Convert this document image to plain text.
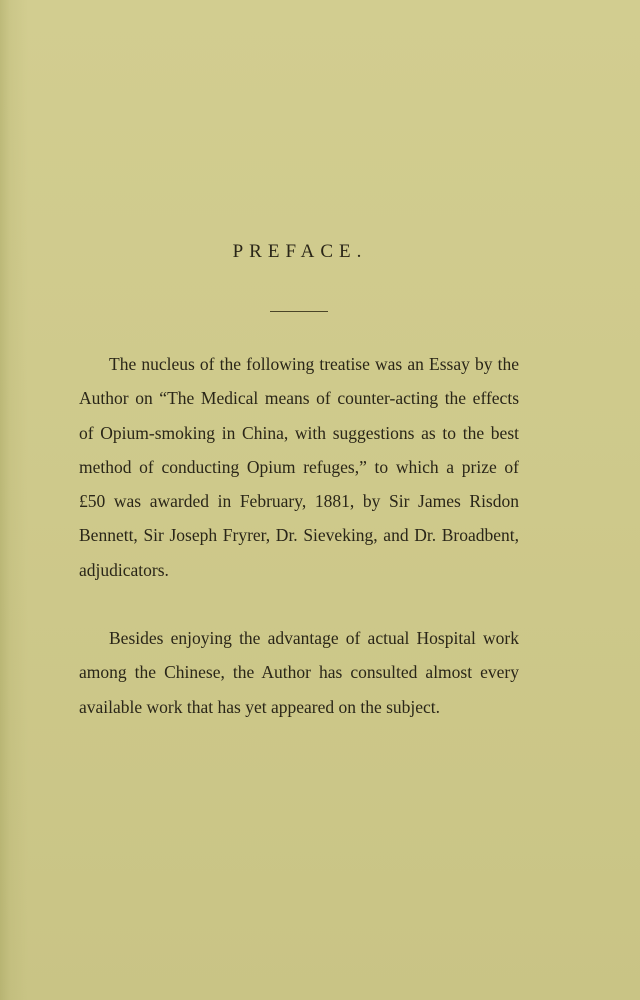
PREFACE.

The nucleus of the following treatise was an Essay by the Author on “The Medical means of counter-acting the effects of Opium-smoking in China, with suggestions as to the best method of conducting Opium refuges,” to which a prize of £50 was awarded in February, 1881, by Sir James Risdon Bennett, Sir Joseph Fryrer, Dr. Sieveking, and Dr. Broadbent, adjudicators.

Besides enjoying the advantage of actual Hospital work among the Chinese, the Author has consulted almost every available work that has yet appeared on the subject.
